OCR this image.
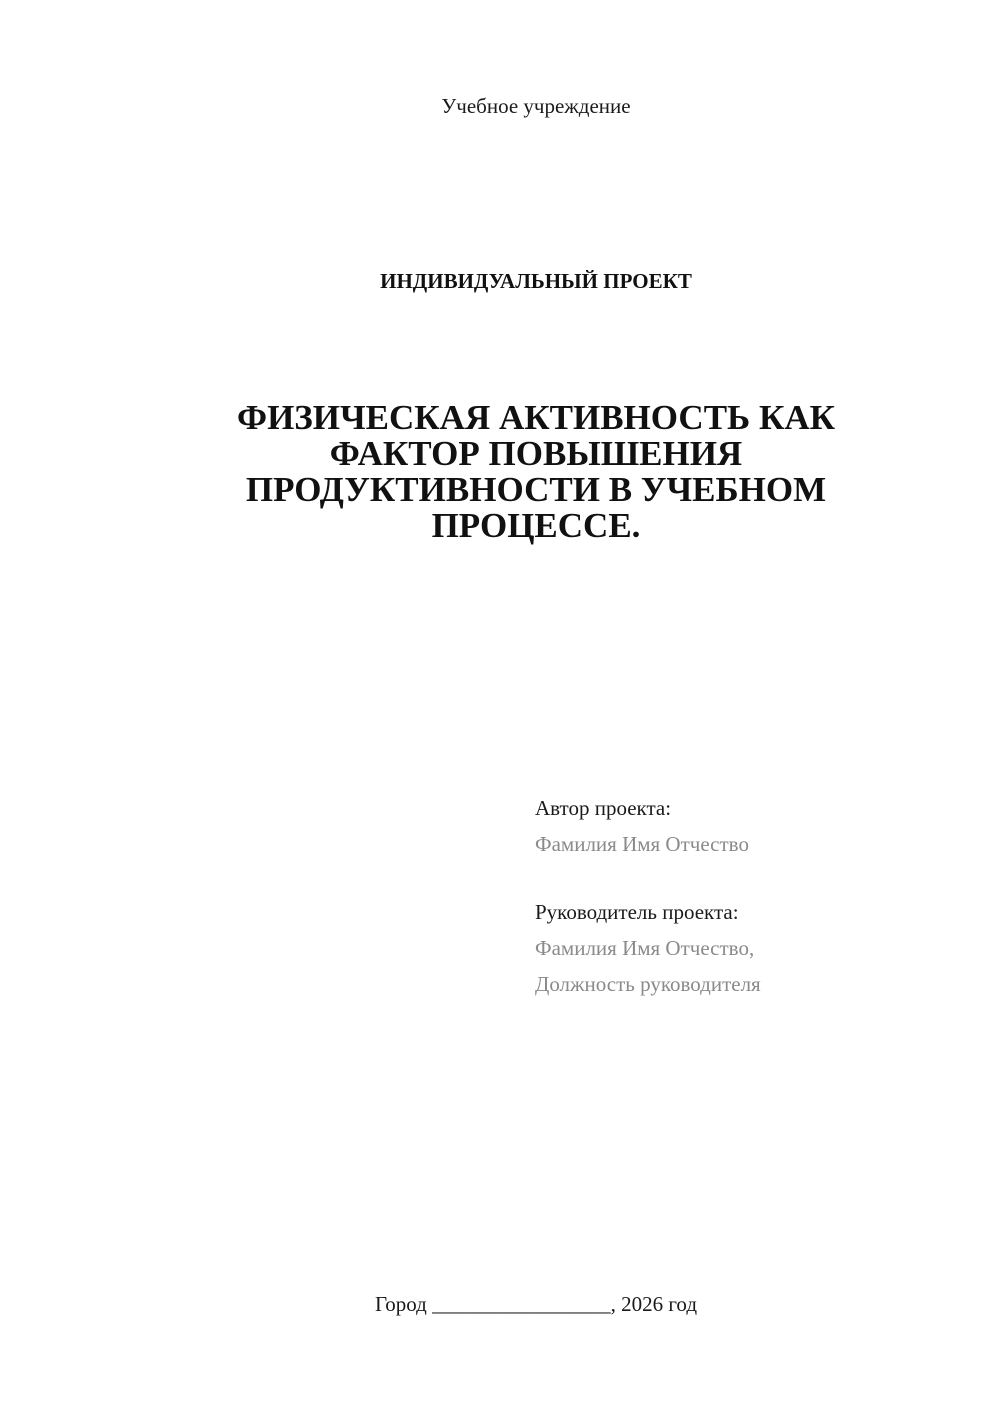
Учебное учреждение
ИНДИВИДУАЛЬНЫЙ ПРОЕКТ
ФИЗИЧЕСКАЯ АКТИВНОСТЬ КАК
ФАКТОР ПОВЫШЕНИЯ
ПРОДУКТИВНОСТИ В УЧЕБНОМ
ПРОЦЕССЕ.
Автор проекта:
Фамилия Имя Отчество
Руководитель проекта:
Фамилия Имя Отчество,
Должность руководителя
Город _________________, 2026 год
